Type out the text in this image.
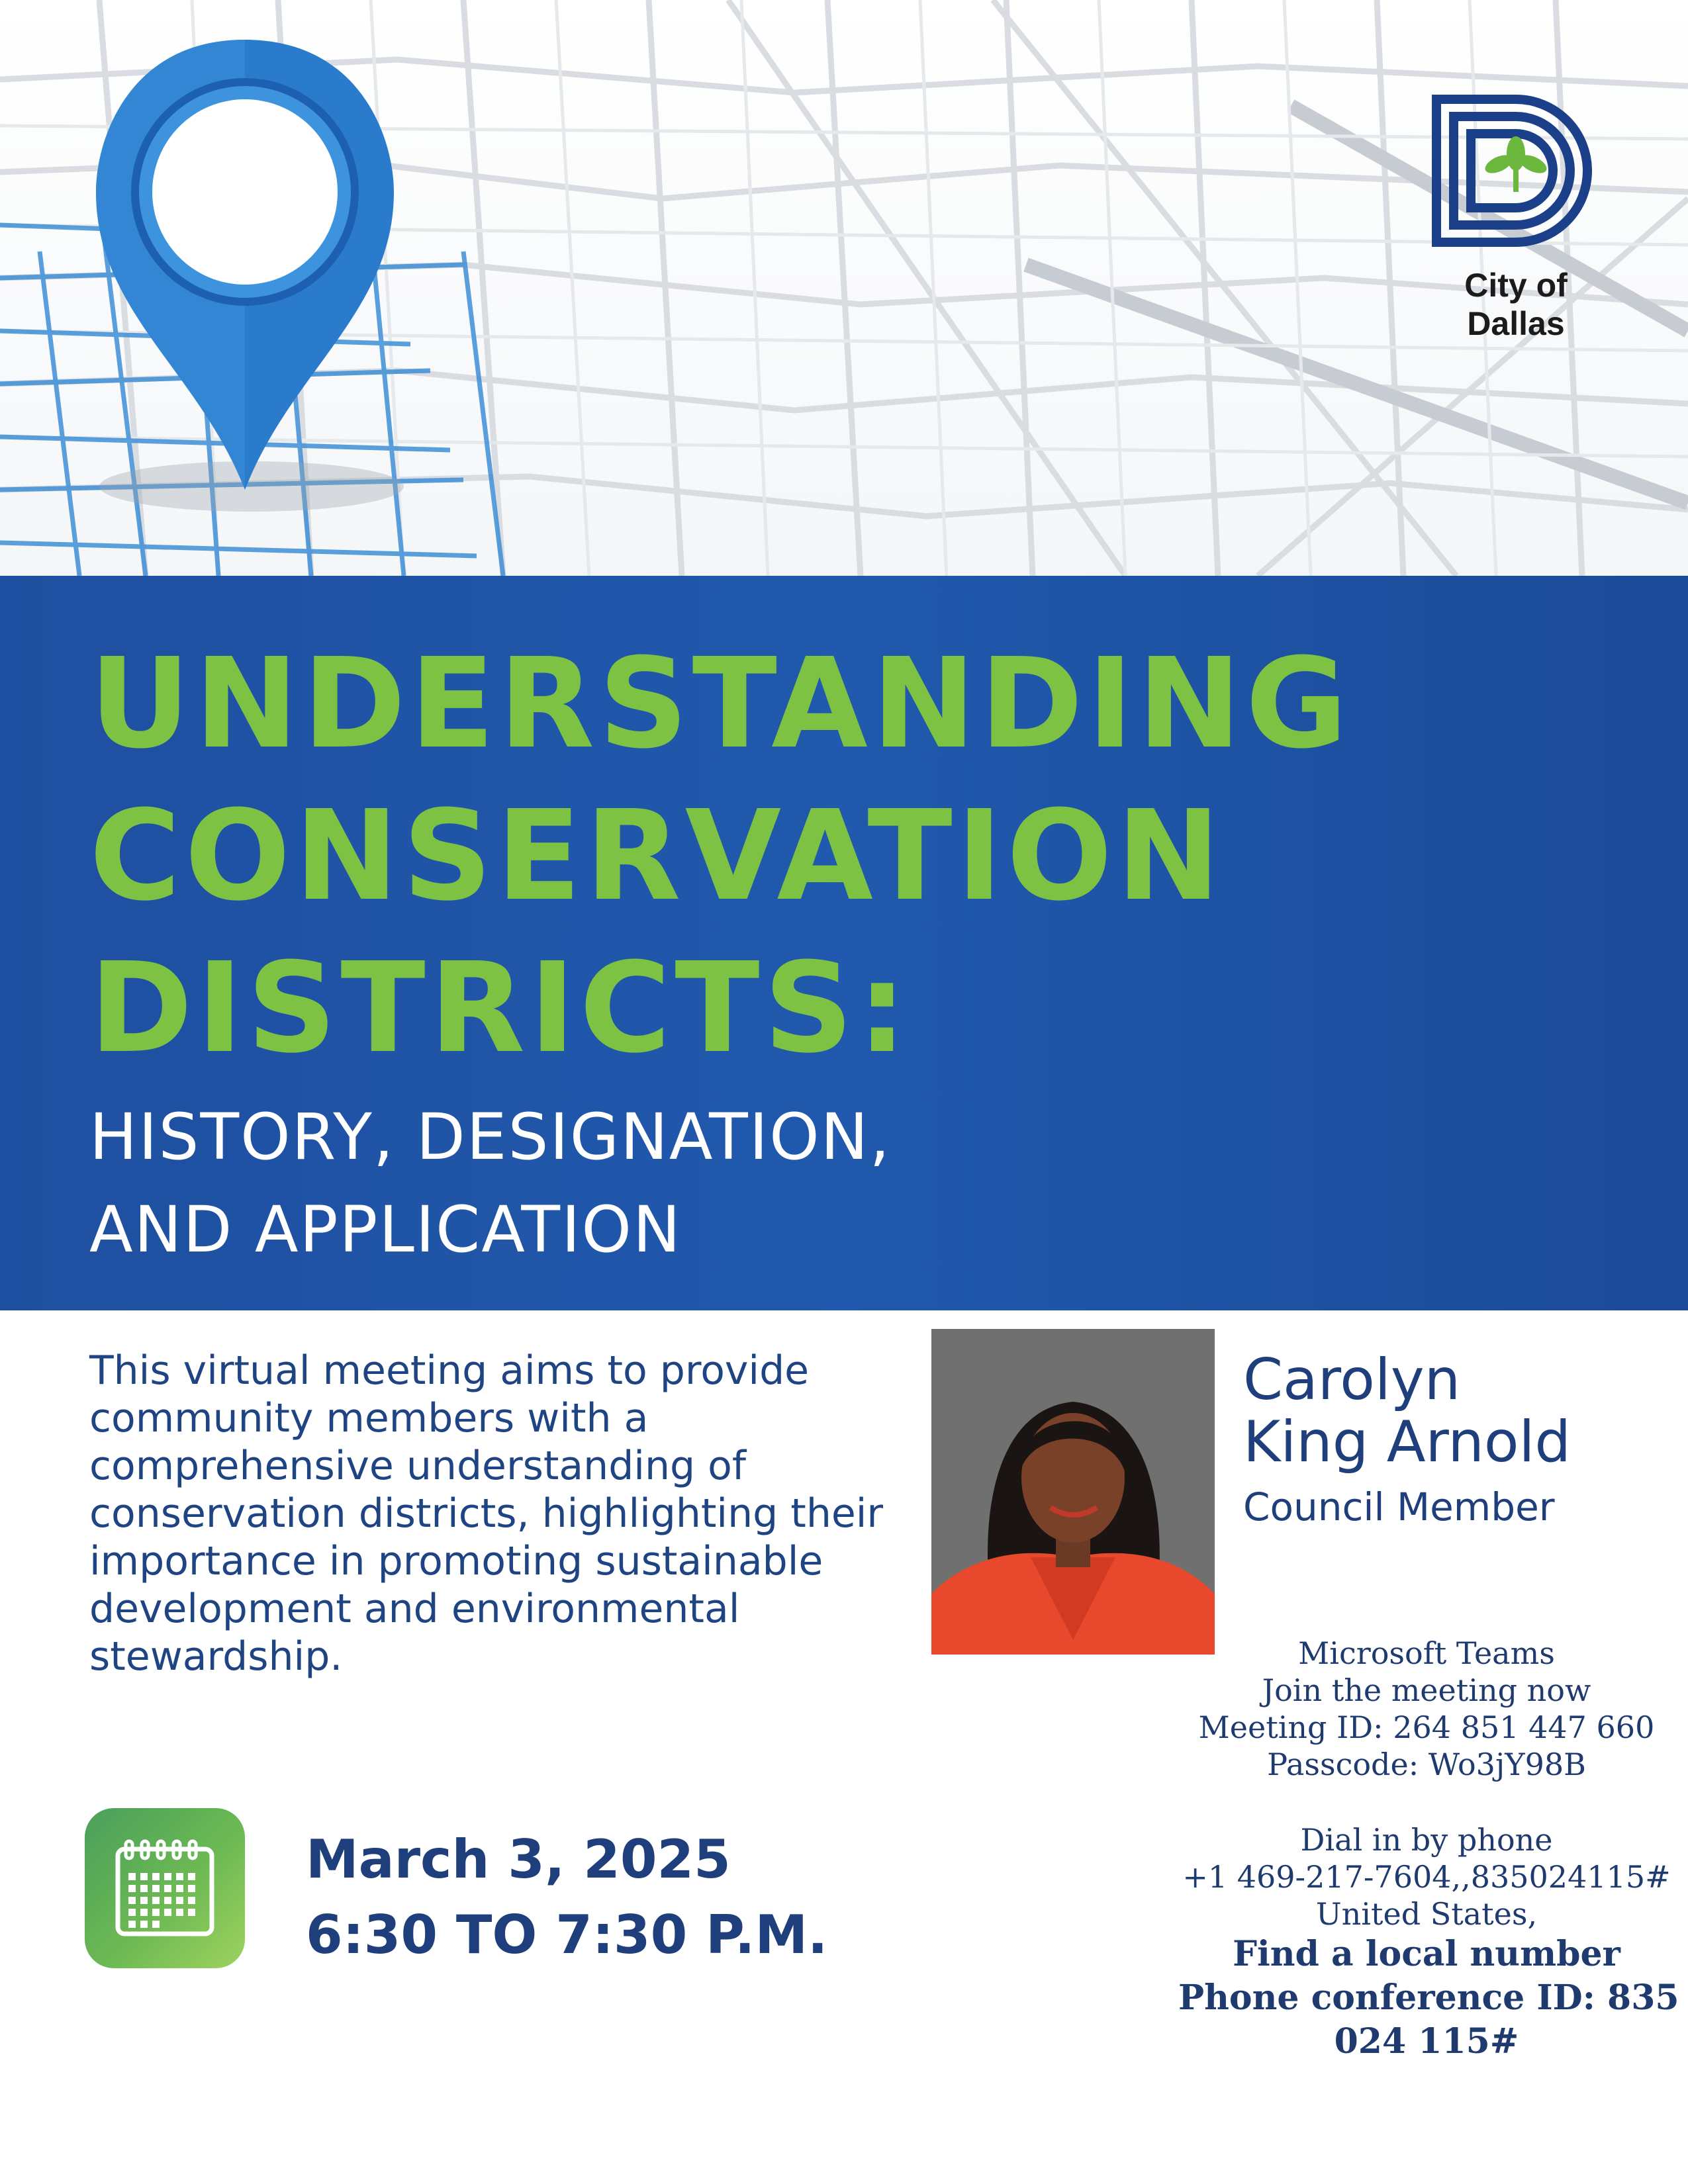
City of Dallas
UNDERSTANDING
CONSERVATION
DISTRICTS:
HISTORY, DESIGNATION,
AND APPLICATION
This virtual meeting aims to provide community members with a comprehensive understanding of conservation districts, highlighting their importance in promoting sustainable development and environmental stewardship.
March 3, 2025
6:30 TO 7:30 P.M.
Carolyn
King Arnold
Council Member
Microsoft Teams
Join the meeting now
Meeting ID: 264 851 447 660
Passcode: Wo3jY98B
Dial in by phone
+1 469-217-7604,,835024115#
United States,
Find a local number
Phone conference ID: 835
024 115#
